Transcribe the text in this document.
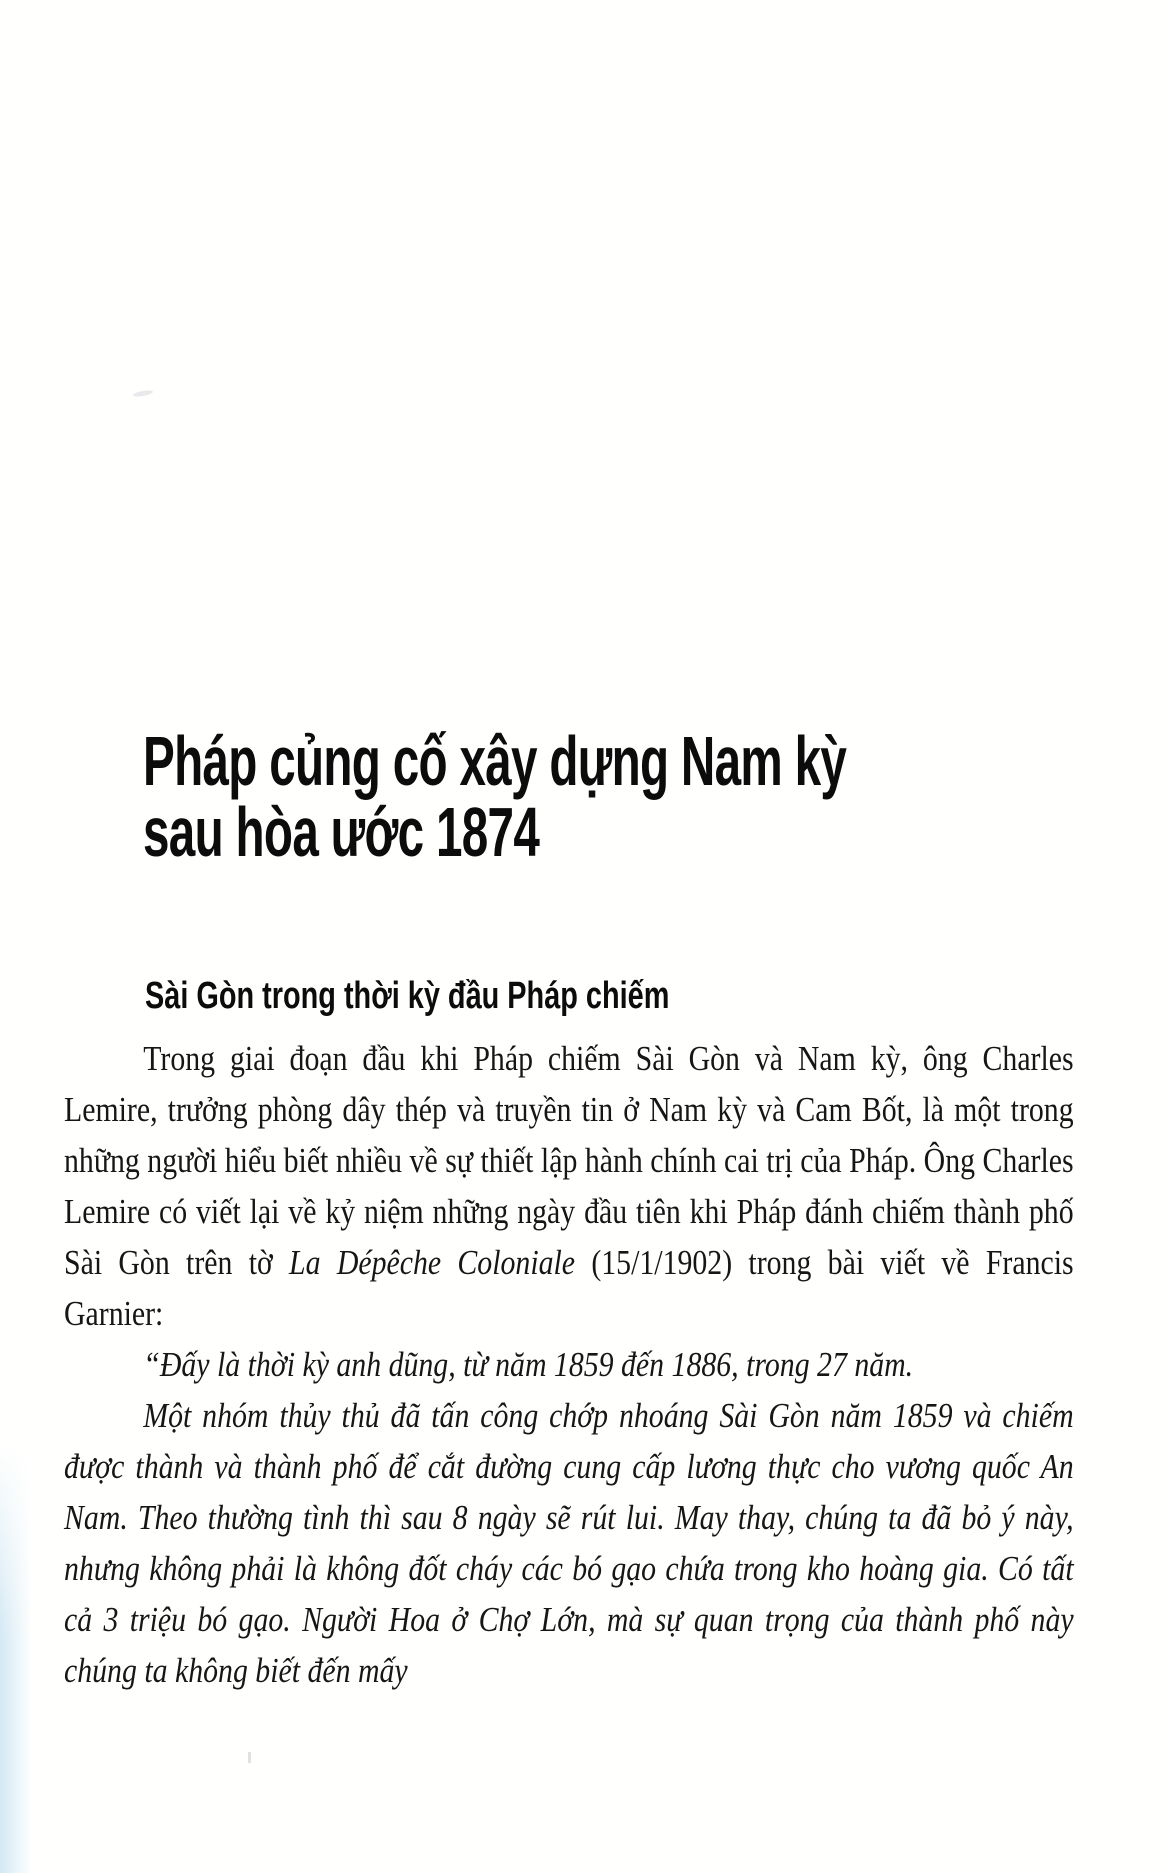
Pháp củng cố xây dựng Nam kỳ
sau hòa ước 1874
Sài Gòn trong thời kỳ đầu Pháp chiếm

Trong giai đoạn đầu khi Pháp chiếm Sài Gòn và Nam kỳ, ông Charles Lemire, trưởng phòng dây thép và truyền tin ở Nam kỳ và Cam Bốt, là một trong những người hiểu biết nhiều về sự thiết lập hành chính cai trị của Pháp. Ông Charles Lemire có viết lại về kỷ niệm những ngày đầu tiên khi Pháp đánh chiếm thành phố Sài Gòn trên tờ La Dépêche Coloniale (15/1/1902) trong bài viết về Francis Garnier:

“Đấy là thời kỳ anh dũng, từ năm 1859 đến 1886, trong 27 năm.

Một nhóm thủy thủ đã tấn công chớp nhoáng Sài Gòn năm 1859 và chiếm được thành và thành phố để cắt đường cung cấp lương thực cho vương quốc An Nam. Theo thường tình thì sau 8 ngày sẽ rút lui. May thay, chúng ta đã bỏ ý này, nhưng không phải là không đốt cháy các bó gạo chứa trong kho hoàng gia. Có tất cả 3 triệu bó gạo. Người Hoa ở Chợ Lớn, mà sự quan trọng của thành phố này chúng ta không biết đến mấy
